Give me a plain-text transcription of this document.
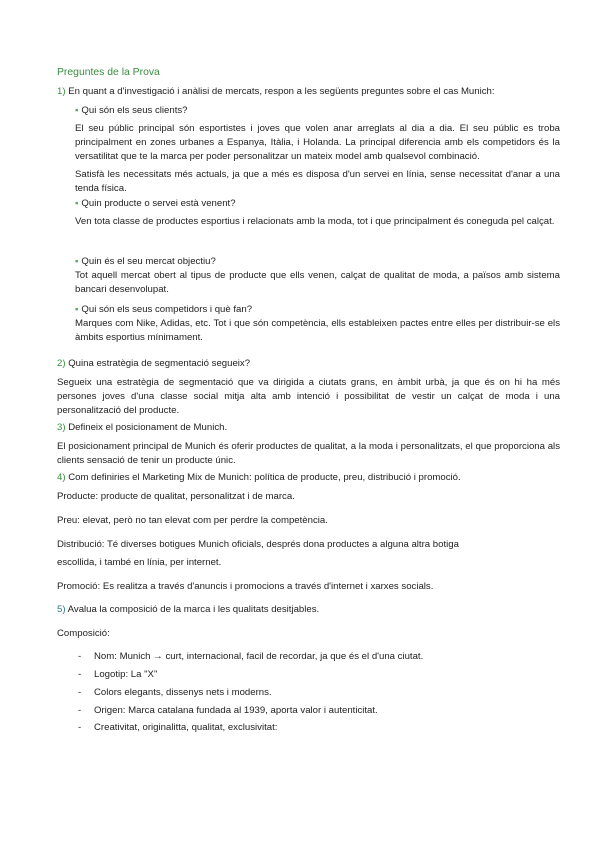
Preguntes de la Prova
1) En quant a d'investigació i anàlisi de mercats, respon a les següents preguntes sobre el cas Munich:
▪ Qui són els seus clients?
El seu públic principal són esportistes i joves que volen anar arreglats al dia a dia. El seu públic es troba principalment en zones urbanes a Espanya, Itàlia, i Holanda. La principal diferencia amb els competidors és la versatilitat que te la marca per poder personalitzar un mateix model amb qualsevol combinació.
Satisfà les necessitats més actuals, ja que a més es disposa d'un servei en línia, sense necessitat d'anar a una tenda física.
▪ Quin producte o servei està venent?
Ven tota classe de productes esportius i relacionats amb la moda, tot i que principalment és coneguda pel calçat.
▪ Quin és el seu mercat objectiu?
Tot aquell mercat obert al tipus de producte que ells venen, calçat de qualitat de moda, a països amb sistema bancari desenvolupat.
▪ Qui són els seus competidors i què fan?
Marques com Nike, Adidas, etc. Tot i que són competència, ells estableixen pactes entre elles per distribuir-se els àmbits esportius mínimament.
2) Quina estratègia de segmentació segueix?
Segueix una estratègia de segmentació que va dirigida a ciutats grans, en àmbit urbà, ja que és on hi ha més persones joves d'una classe social mitja alta amb intenció i possibilitat de vestir un calçat de moda i una personalització del producte.
3) Defineix el posicionament de Munich.
El posicionament principal de Munich és oferir productes de qualitat, a la moda i personalitzats, el que proporciona als clients sensació de tenir un producte únic.
4) Com definiries el Marketing Mix de Munich: política de producte, preu, distribució i promoció.
Producte: producte de qualitat, personalitzat i de marca.
Preu: elevat, però no tan elevat com per perdre la competència.
Distribució: Té diverses botigues Munich oficials, després dona productes a alguna altra botiga
escollida, i també en línia, per internet.
Promoció: Es realitza a través d'anuncis i promocions a través d'internet i xarxes socials.
5) Avalua la composició de la marca i les qualitats desitjables.
Composició:
- Nom: Munich → curt, internacional, facil de recordar, ja que és el d'una ciutat.
- Logotip: La "X"
- Colors elegants, dissenys nets i moderns.
- Origen: Marca catalana fundada al 1939, aporta valor i autenticitat.
- Creativitat, originalitta, qualitat, exclusivitat:
